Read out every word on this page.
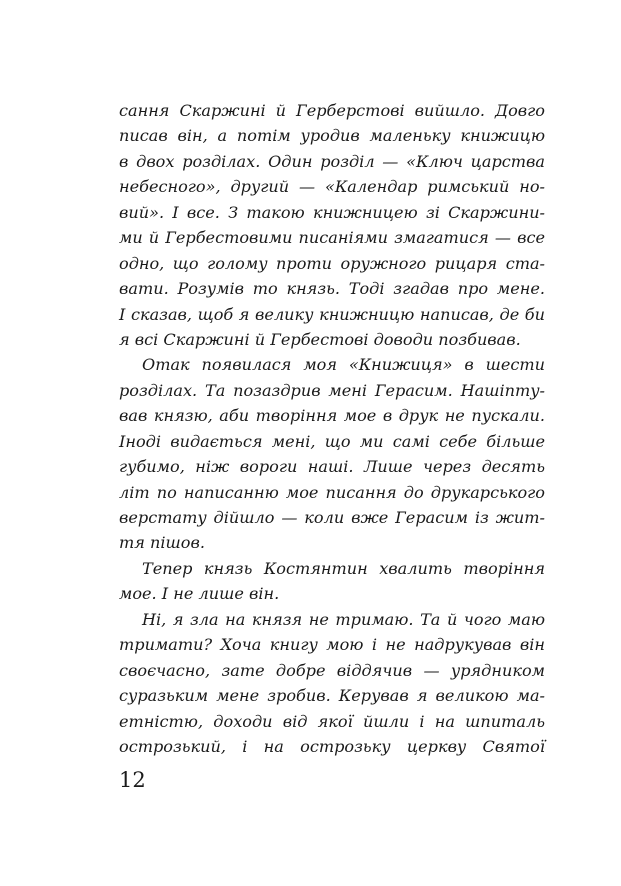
сання Скаржині й Герберстові вийшло. Довго
писав він, а потім уродив маленьку книжицю
в двох розділах. Один розділ — «Ключ царства
небесного», другий — «Календар римський но-
вий». І все. З такою книжницею зі Скаржини-
ми й Гербестовими писаніями змагатися — все
одно, що голому проти оружного рицаря ста-
вати. Розумів то князь. Тоді згадав про мене.
І сказав, щоб я велику книжницю написав, де би
я всі Скаржині й Гербестові доводи позбивав.
Отак появилася моя «Книжиця» в шести
розділах. Та позаздрив мені Герасим. Нашіпту-
вав князю, аби творіння мое в друк не пускали.
Іноді видається мені, що ми самі себе більше
губимо, ніж вороги наші. Лише через десять
літ по написанню мое писання до друкарського
верстату дійшло — коли вже Герасим із жит-
тя пішов.
Тепер князь Костянтин хвалить творіння
мое. І не лише він.
Ні, я зла на князя не тримаю. Та й чого маю
тримати? Хоча книгу мою і не надрукував він
своєчасно, зате добре віддячив — урядником
суразьким мене зробив. Керував я великою ма-
етністю, доходи від якої йшли і на шпиталь
острозький, і на острозьку церкву Святої
12
